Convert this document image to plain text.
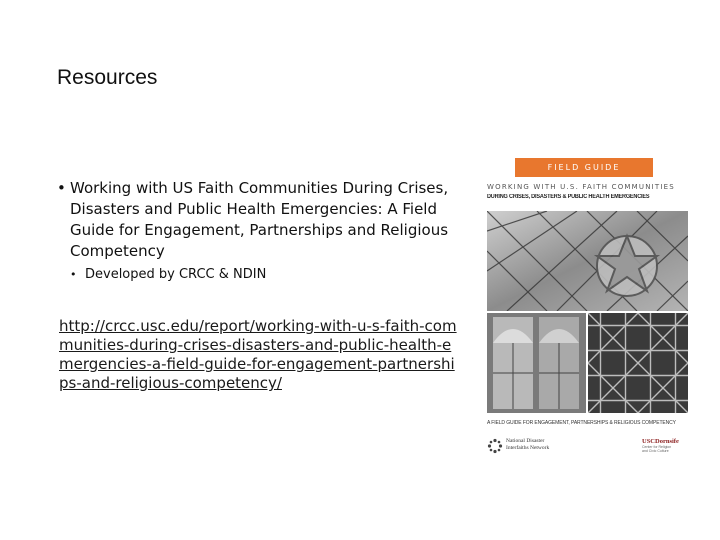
Resources
• Working with US Faith Communities During Crises, Disasters and Public Health Emergencies: A Field Guide for Engagement, Partnerships and Religious Competency
• Developed by CRCC & NDIN
http://crcc.usc.edu/report/working-with-u-s-faith-communities-during-crises-disasters-and-public-health-emergencies-a-field-guide-for-engagement-partnerships-and-religious-competency/
FIELD GUIDE
WORKING WITH U.S. FAITH COMMUNITIES
DURING CRISES, DISASTERS & PUBLIC HEALTH EMERGENCIES
A FIELD GUIDE FOR ENGAGEMENT, PARTNERSHIPS & RELIGIOUS COMPETENCY
National Disaster
Interfaiths Network
USCDornsife
Center for Religion
and Civic Culture
